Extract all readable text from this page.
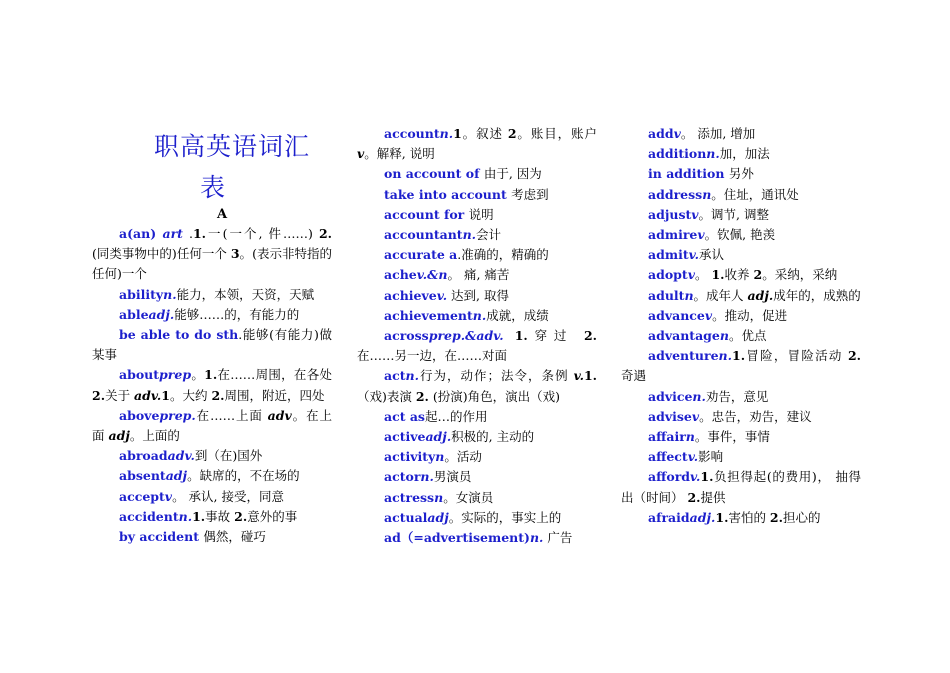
职高英语词汇
表
A
a(an) art .1.一(一个, 件……) 2. (同类事物中的)任何一个 3。(表示非特指的任何)一个
abilityn.能力，本领，天资，天赋
ableadj.能够……的，有能力的
be able to do sth.能够(有能力)做某事
aboutprep。1.在……周围，在各处 2.关于 adv.1。大约 2.周围，附近，四处
aboveprep.在……上面 adv。在上面 adj。上面的
abroadadv.到（在)国外
absentadj。缺席的，不在场的
acceptv。 承认, 接受，同意
accidentn.1.事故 2.意外的事
by accident 偶然，碰巧
accountn.1。叙述 2。账目，账户 v。解释, 说明
on account of 由于, 因为
take into account 考虑到
account for 说明
accountantn.会计
accurate a.准确的，精确的
achev.&n。 痛, 痛苦
achievev. 达到, 取得
achievementn.成就，成绩
acrossprep.&adv. 1.穿过 2. 在……另一边，在……对面
actn.行为，动作；法令，条例 v.1.（戏)表演 2. (扮演)角色，演出（戏)
act as起…的作用
activeadj.积极的, 主动的
activityn。活动
actorn.男演员
actressn。女演员
actualadj。实际的，事实上的
ad（=advertisement)n. 广告
addv。 添加, 增加
additionn.加，加法
in addition 另外
addressn。住址，通讯处
adjustv。调节, 调整
admirev。钦佩, 艳羡
admitv.承认
adoptv。 1.收养 2。采纳，采纳
adultn。成年人 adj.成年的，成熟的
advancev。推动，促进
advantagen。优点
adventuren.1.冒险，冒险活动 2.奇遇
advicen.劝告，意见
advisev。忠告，劝告，建议
affairn。事件，事情
affectv.影响
affordv.1.负担得起(的费用)， 抽得出（时间） 2.提供
afraidadj.1.害怕的 2.担心的
